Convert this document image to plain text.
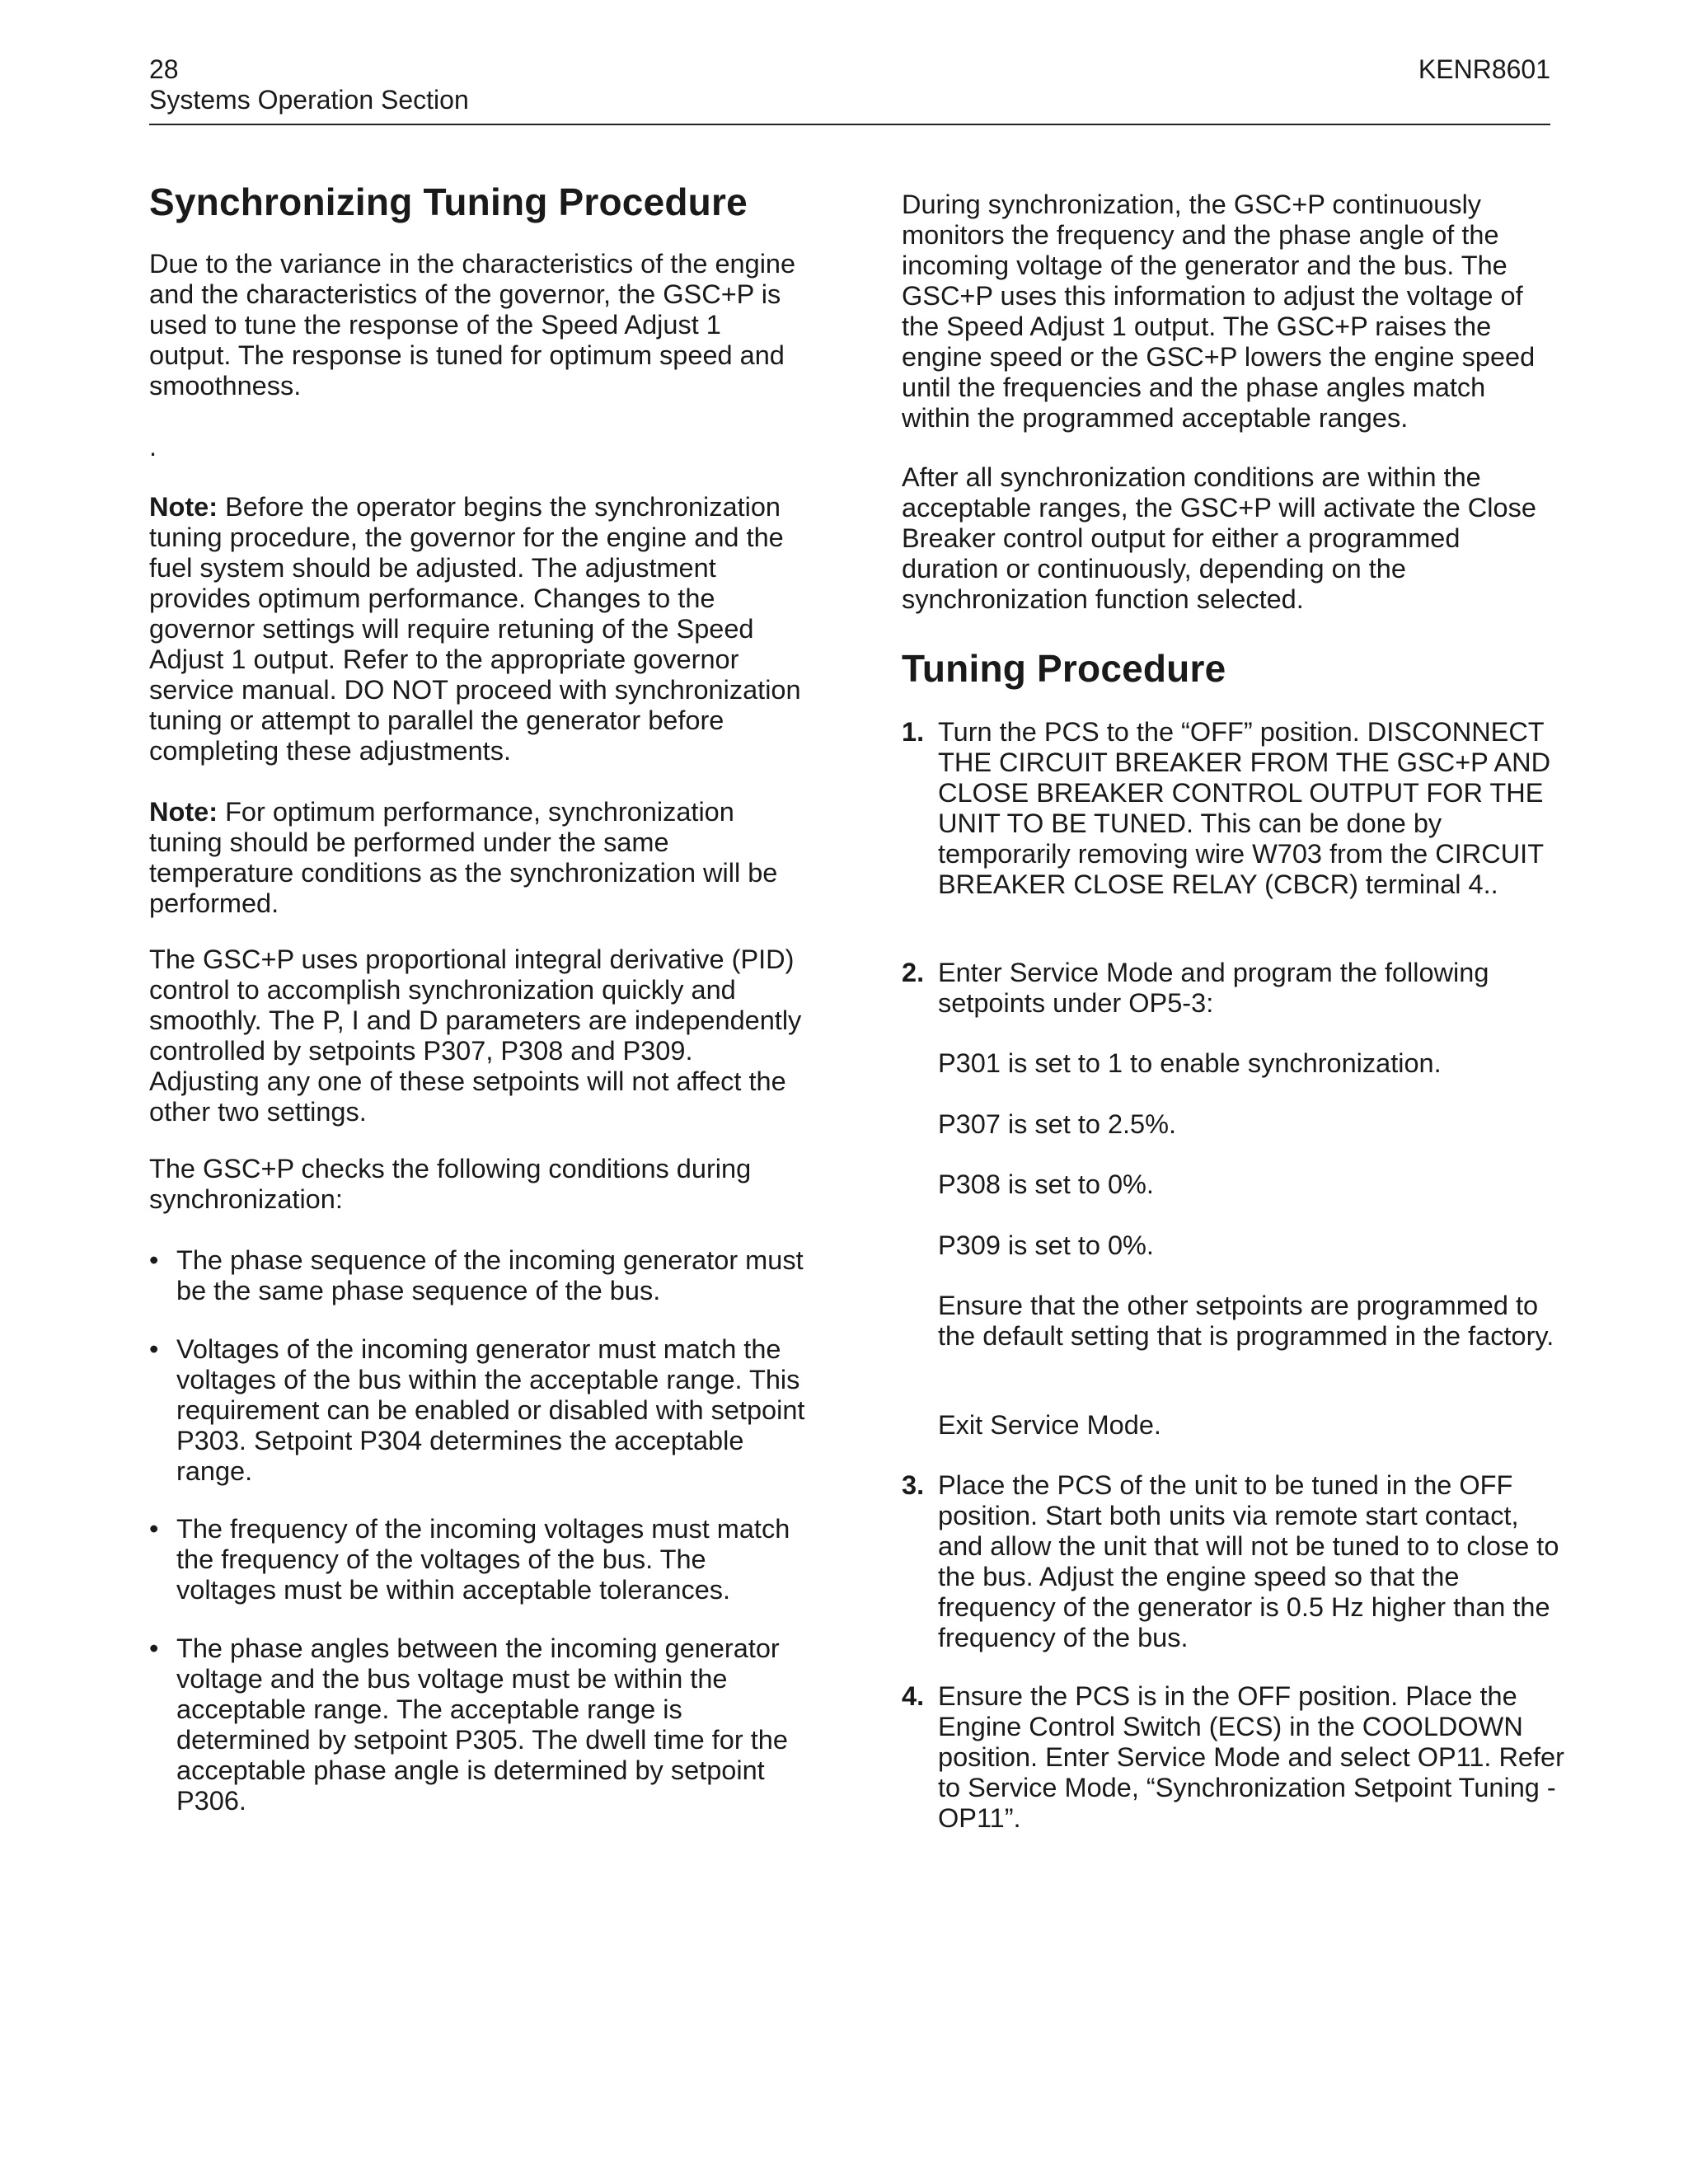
28
Systems Operation Section
KENR8601
Synchronizing Tuning Procedure

Due to the variance in the characteristics of the engine and the characteristics of the governor, the GSC+P is used to tune the response of the Speed Adjust 1 output. The response is tuned for optimum speed and smoothness.

.

Note: Before the operator begins the synchronization tuning procedure, the governor for the engine and the fuel system should be adjusted. The adjustment provides optimum performance. Changes to the governor settings will require retuning of the Speed Adjust 1 output. Refer to the appropriate governor service manual. DO NOT proceed with synchronization tuning or attempt to parallel the generator before completing these adjustments.

Note: For optimum performance, synchronization tuning should be performed under the same temperature conditions as the synchronization will be performed.

The GSC+P uses proportional integral derivative (PID) control to accomplish synchronization quickly and smoothly. The P, I and D parameters are independently controlled by setpoints P307, P308 and P309. Adjusting any one of these setpoints will not affect the other two settings.

The GSC+P checks the following conditions during synchronization:

• The phase sequence of the incoming generator must be the same phase sequence of the bus.
• Voltages of the incoming generator must match the voltages of the bus within the acceptable range. This requirement can be enabled or disabled with setpoint P303. Setpoint P304 determines the acceptable range.
• The frequency of the incoming voltages must match the frequency of the voltages of the bus. The voltages must be within acceptable tolerances.
• The phase angles between the incoming generator voltage and the bus voltage must be within the acceptable range. The acceptable range is determined by setpoint P305. The dwell time for the acceptable phase angle is determined by setpoint P306.

During synchronization, the GSC+P continuously monitors the frequency and the phase angle of the incoming voltage of the generator and the bus. The GSC+P uses this information to adjust the voltage of the Speed Adjust 1 output. The GSC+P raises the engine speed or the GSC+P lowers the engine speed until the frequencies and the phase angles match within the programmed acceptable ranges.

After all synchronization conditions are within the acceptable ranges, the GSC+P will activate the Close Breaker control output for either a programmed duration or continuously, depending on the synchronization function selected.

Tuning Procedure
1. Turn the PCS to the “OFF” position. DISCONNECT THE CIRCUIT BREAKER FROM THE GSC+P AND CLOSE BREAKER CONTROL OUTPUT FOR THE UNIT TO BE TUNED. This can be done by temporarily removing wire W703 from the CIRCUIT BREAKER CLOSE RELAY (CBCR) terminal 4..
2. Enter Service Mode and program the following setpoints under OP5-3:

P301 is set to 1 to enable synchronization.

P307 is set to 2.5%.

P308 is set to 0%.

P309 is set to 0%.

Ensure that the other setpoints are programmed to the default setting that is programmed in the factory.

Exit Service Mode.

3. Place the PCS of the unit to be tuned in the OFF position. Start both units via remote start contact, and allow the unit that will not be tuned to to close to the bus. Adjust the engine speed so that the frequency of the generator is 0.5 Hz higher than the frequency of the bus.
4. Ensure the PCS is in the OFF position. Place the Engine Control Switch (ECS) in the COOLDOWN position. Enter Service Mode and select OP11. Refer to Service Mode, “Synchronization Setpoint Tuning - OP11”.
